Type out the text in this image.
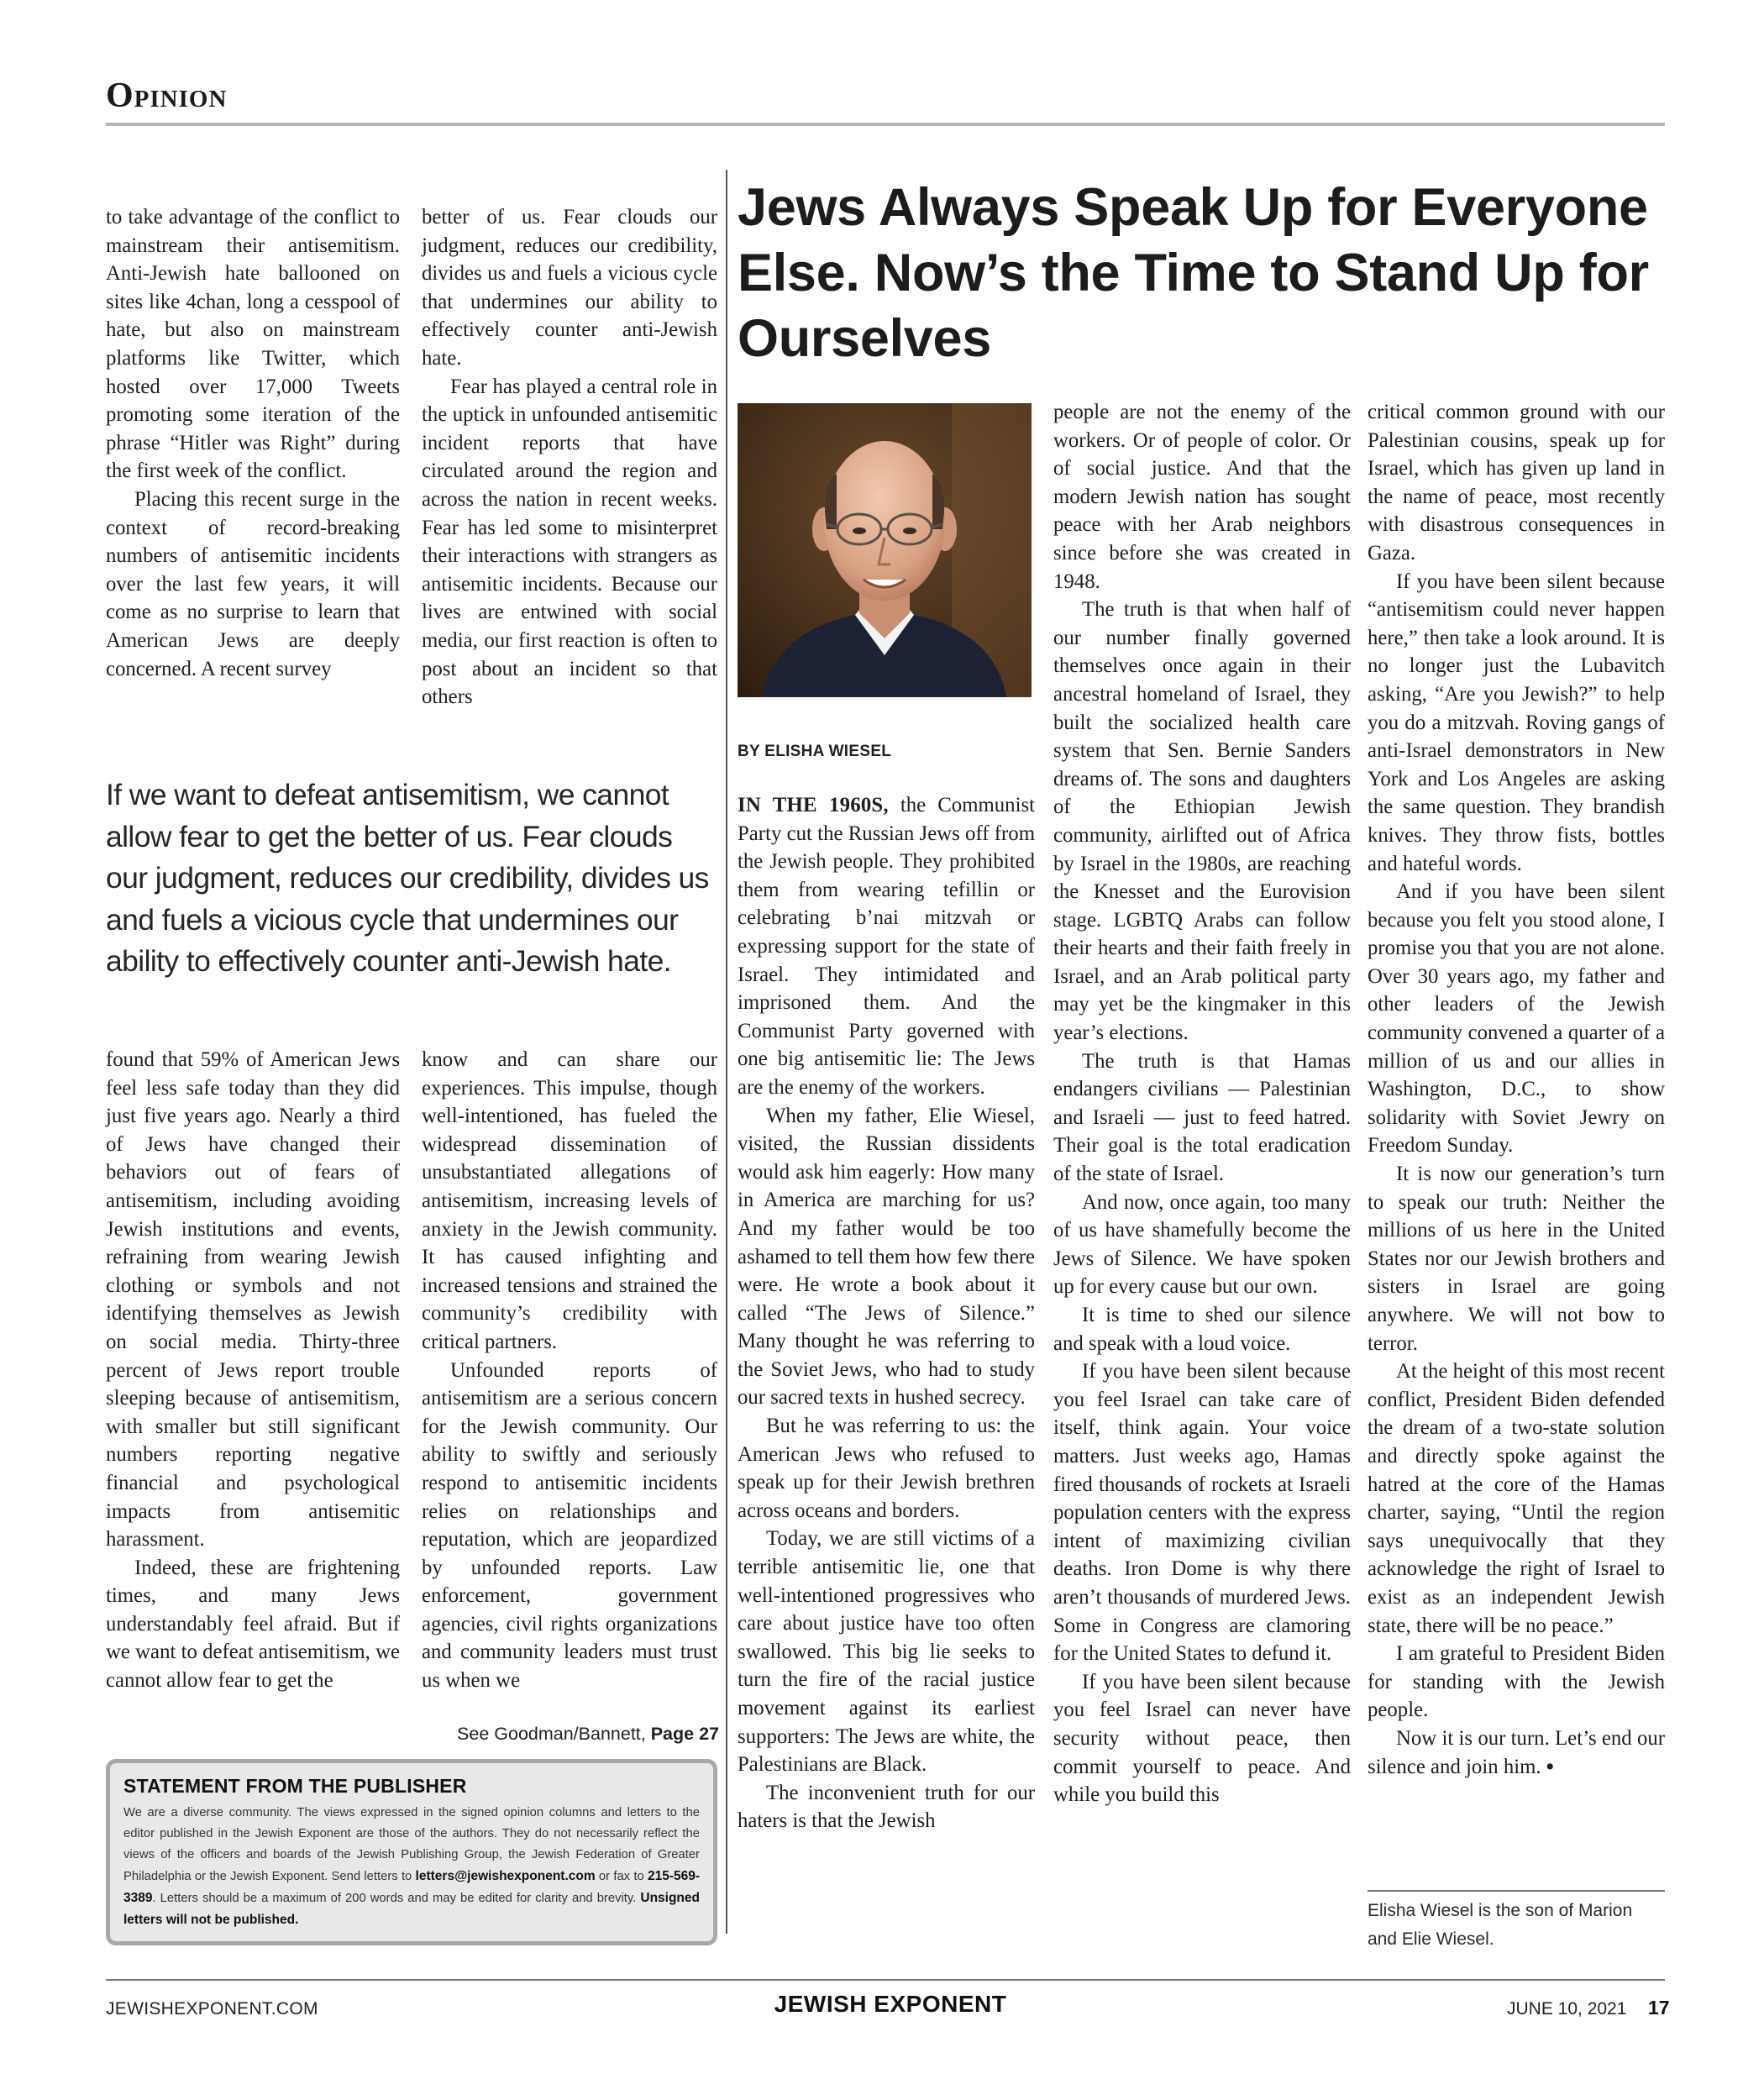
Opinion

to take advantage of the conflict to mainstream their antisemitism. Anti-Jewish hate ballooned on sites like 4chan, long a cesspool of hate, but also on mainstream platforms like Twitter, which hosted over 17,000 Tweets promoting some iteration of the phrase “Hitler was Right” during the first week of the conflict.

Placing this recent surge in the context of record-breaking numbers of antisemitic incidents over the last few years, it will come as no surprise to learn that American Jews are deeply concerned. A recent survey

better of us. Fear clouds our judgment, reduces our credibility, divides us and fuels a vicious cycle that undermines our ability to effectively counter anti-Jewish hate.

Fear has played a central role in the uptick in unfounded antisemitic incident reports that have circulated around the region and across the nation in recent weeks. Fear has led some to misinterpret their interactions with strangers as antisemitic incidents. Because our lives are entwined with social media, our first reaction is often to post about an incident so that others

If we want to defeat antisemitism, we cannot allow fear to get the better of us. Fear clouds our judgment, reduces our credibility, divides us and fuels a vicious cycle that undermines our ability to effectively counter anti-Jewish hate.

found that 59% of American Jews feel less safe today than they did just five years ago. Nearly a third of Jews have changed their behaviors out of fears of antisemitism, including avoiding Jewish institutions and events, refraining from wearing Jewish clothing or symbols and not identifying themselves as Jewish on social media. Thirty-three percent of Jews report trouble sleeping because of antisemitism, with smaller but still significant numbers reporting negative financial and psychological impacts from antisemitic harassment.

Indeed, these are frightening times, and many Jews understandably feel afraid. But if we want to defeat antisemitism, we cannot allow fear to get the

know and can share our experiences. This impulse, though well-intentioned, has fueled the widespread dissemination of unsubstantiated allegations of antisemitism, increasing levels of anxiety in the Jewish community. It has caused infighting and increased tensions and strained the community’s credibility with critical partners.

Unfounded reports of antisemitism are a serious concern for the Jewish community. Our ability to swiftly and seriously respond to antisemitic incidents relies on relationships and reputation, which are jeopardized by unfounded reports. Law enforcement, government agencies, civil rights organizations and community leaders must trust us when we

See Goodman/Bannett, Page 27
STATEMENT FROM THE PUBLISHER

We are a diverse community. The views expressed in the signed opinion columns and letters to the editor published in the Jewish Exponent are those of the authors. They do not necessarily reflect the views of the officers and boards of the Jewish Publishing Group, the Jewish Federation of Greater Philadelphia or the Jewish Exponent. Send letters to letters@jewishexponent.com or fax to 215-569-3389. Letters should be a maximum of 200 words and may be edited for clarity and brevity. Unsigned letters will not be published.

Jews Always Speak Up for Everyone Else. Now’s the Time to Stand Up for Ourselves
BY ELISHA WIESEL

IN THE 1960S, the Communist Party cut the Russian Jews off from the Jewish people. They prohibited them from wearing tefillin or celebrating b’nai mitzvah or expressing support for the state of Israel. They intimidated and imprisoned them. And the Communist Party governed with one big antisemitic lie: The Jews are the enemy of the workers.

When my father, Elie Wiesel, visited, the Russian dissidents would ask him eagerly: How many in America are marching for us? And my father would be too ashamed to tell them how few there were. He wrote a book about it called “The Jews of Silence.” Many thought he was referring to the Soviet Jews, who had to study our sacred texts in hushed secrecy.

But he was referring to us: the American Jews who refused to speak up for their Jewish brethren across oceans and borders.

Today, we are still victims of a terrible antisemitic lie, one that well-intentioned progressives who care about justice have too often swallowed. This big lie seeks to turn the fire of the racial justice movement against its earliest supporters: The Jews are white, the Palestinians are Black.

The inconvenient truth for our haters is that the Jewish

people are not the enemy of the workers. Or of people of color. Or of social justice. And that the modern Jewish nation has sought peace with her Arab neighbors since before she was created in 1948.

The truth is that when half of our number finally governed themselves once again in their ancestral homeland of Israel, they built the socialized health care system that Sen. Bernie Sanders dreams of. The sons and daughters of the Ethiopian Jewish community, airlifted out of Africa by Israel in the 1980s, are reaching the Knesset and the Eurovision stage. LGBTQ Arabs can follow their hearts and their faith freely in Israel, and an Arab political party may yet be the kingmaker in this year’s elections.

The truth is that Hamas endangers civilians — Palestinian and Israeli — just to feed hatred. Their goal is the total eradication of the state of Israel.

And now, once again, too many of us have shamefully become the Jews of Silence. We have spoken up for every cause but our own.

It is time to shed our silence and speak with a loud voice.

If you have been silent because you feel Israel can take care of itself, think again. Your voice matters. Just weeks ago, Hamas fired thousands of rockets at Israeli population centers with the express intent of maximizing civilian deaths. Iron Dome is why there aren’t thousands of murdered Jews. Some in Congress are clamoring for the United States to defund it.

If you have been silent because you feel Israel can never have security without peace, then commit yourself to peace. And while you build this

critical common ground with our Palestinian cousins, speak up for Israel, which has given up land in the name of peace, most recently with disastrous consequences in Gaza.

If you have been silent because “antisemitism could never happen here,” then take a look around. It is no longer just the Lubavitch asking, “Are you Jewish?” to help you do a mitzvah. Roving gangs of anti-Israel demonstrators in New York and Los Angeles are asking the same question. They brandish knives. They throw fists, bottles and hateful words.

And if you have been silent because you felt you stood alone, I promise you that you are not alone. Over 30 years ago, my father and other leaders of the Jewish community convened a quarter of a million of us and our allies in Washington, D.C., to show solidarity with Soviet Jewry on Freedom Sunday.

It is now our generation’s turn to speak our truth: Neither the millions of us here in the United States nor our Jewish brothers and sisters in Israel are going anywhere. We will not bow to terror.

At the height of this most recent conflict, President Biden defended the dream of a two-state solution and directly spoke against the hatred at the core of the Hamas charter, saying, “Until the region says unequivocally that they acknowledge the right of Israel to exist as an independent Jewish state, there will be no peace.”

I am grateful to President Biden for standing with the Jewish people.

Now it is our turn. Let’s end our silence and join him. •

Elisha Wiesel is the son of Marion and Elie Wiesel.
JEWISHEXPONENT.COM	JEWISH EXPONENT	JUNE 10, 2021 17
